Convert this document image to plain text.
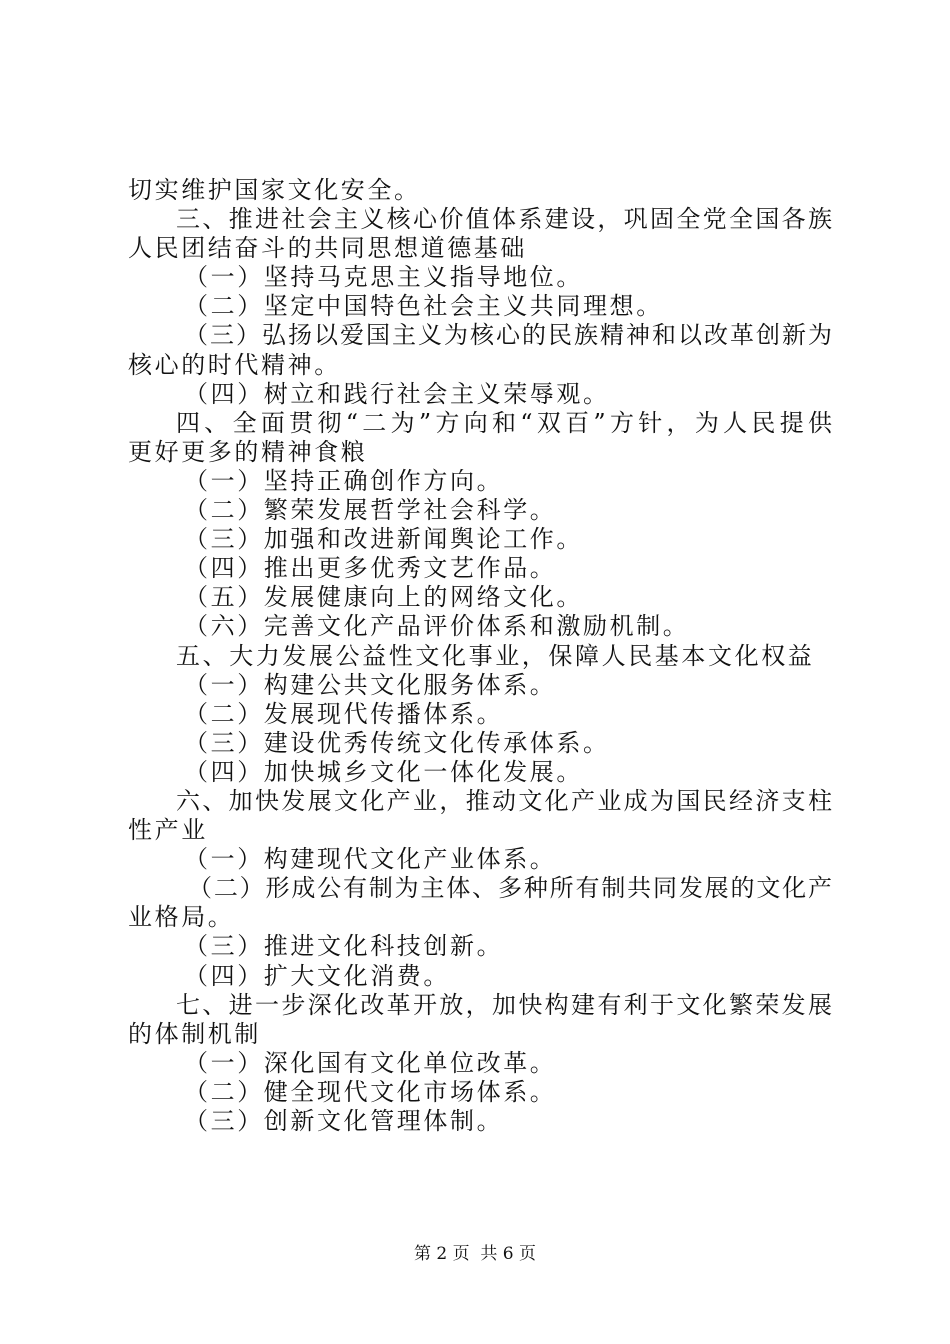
切实维护国家文化安全。
三、推进社会主义核心价值体系建设，巩固全党全国各族
人民团结奋斗的共同思想道德基础
（一）坚持马克思主义指导地位。
（二）坚定中国特色社会主义共同理想。
（三）弘扬以爱国主义为核心的民族精神和以改革创新为
核心的时代精神。
（四）树立和践行社会主义荣辱观。
四、全面贯彻“二为”方向和“双百”方针，为人民提供
更好更多的精神食粮
（一）坚持正确创作方向。
（二）繁荣发展哲学社会科学。
（三）加强和改进新闻舆论工作。
（四）推出更多优秀文艺作品。
（五）发展健康向上的网络文化。
（六）完善文化产品评价体系和激励机制。
五、大力发展公益性文化事业，保障人民基本文化权益
（一）构建公共文化服务体系。
（二）发展现代传播体系。
（三）建设优秀传统文化传承体系。
（四）加快城乡文化一体化发展。
六、加快发展文化产业，推动文化产业成为国民经济支柱
性产业
（一）构建现代文化产业体系。
（二）形成公有制为主体、多种所有制共同发展的文化产
业格局。
（三）推进文化科技创新。
（四）扩大文化消费。
七、进一步深化改革开放，加快构建有利于文化繁荣发展
的体制机制
（一）深化国有文化单位改革。
（二）健全现代文化市场体系。
（三）创新文化管理体制。
第 2 页  共 6 页
